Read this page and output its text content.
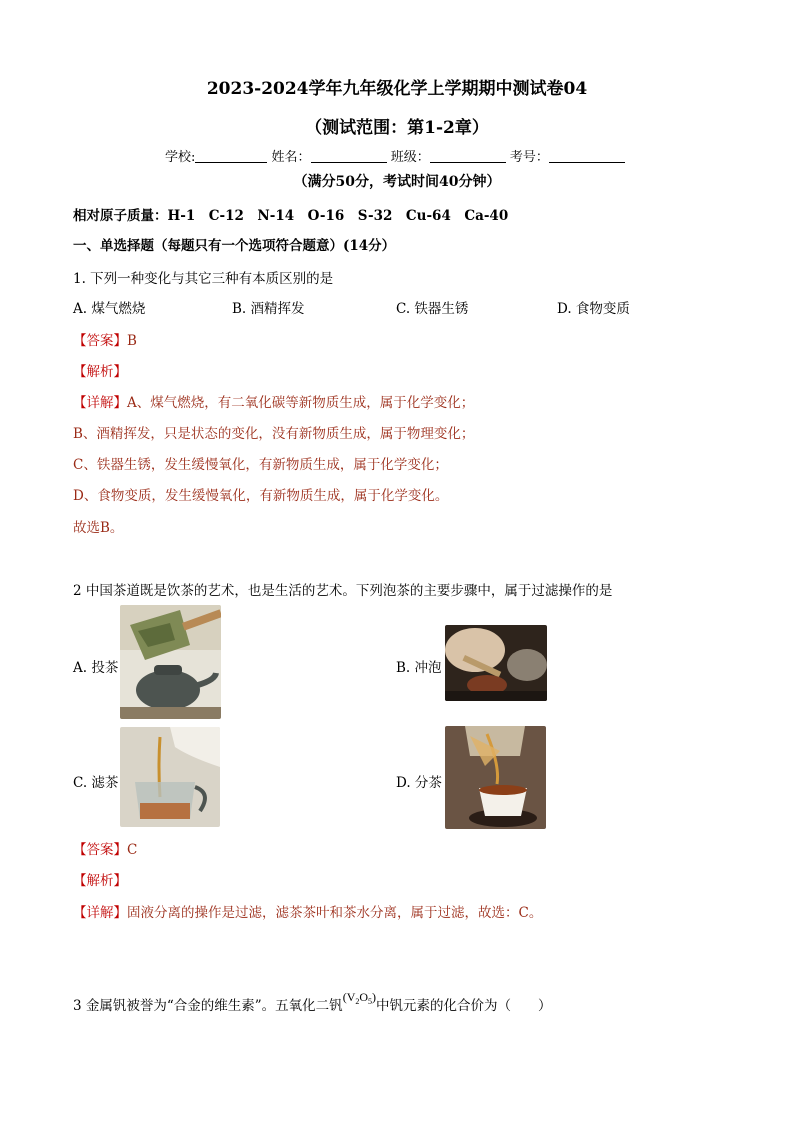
2023-2024学年九年级化学上学期期中测试卷04
（测试范围：第1-2章）
学校:	姓名：	班级：	考号：
（满分50分，考试时间40分钟）
相对原子质量：H-1　C-12　N-14　O-16　S-32　Cu-64　Ca-40
一、单选择题（每题只有一个选项符合题意）(14分）
1. 下列一种变化与其它三种有本质区别的是
A. 煤气燃烧	B. 酒精挥发	C. 铁器生锈	D. 食物变质
【答案】B
【解析】
【详解】A、煤气燃烧，有二氧化碳等新物质生成，属于化学变化；
B、酒精挥发，只是状态的变化，没有新物质生成，属于物理变化；
C、铁器生锈，发生缓慢氧化，有新物质生成，属于化学变化；
D、食物变质，发生缓慢氧化，有新物质生成，属于化学变化。
故选B。
2 中国茶道既是饮茶的艺术，也是生活的艺术。下列泡茶的主要步骤中，属于过滤操作的是
A. 投茶	B. 冲泡
C. 滤茶	D. 分茶
【答案】C
【解析】
【详解】固液分离的操作是过滤，滤茶茶叶和茶水分离，属于过滤，故选：C。
3 金属钒被誉为“合金的维生素”。五氧化二钒$(V_2O_5)$中钒元素的化合价为（　　）
